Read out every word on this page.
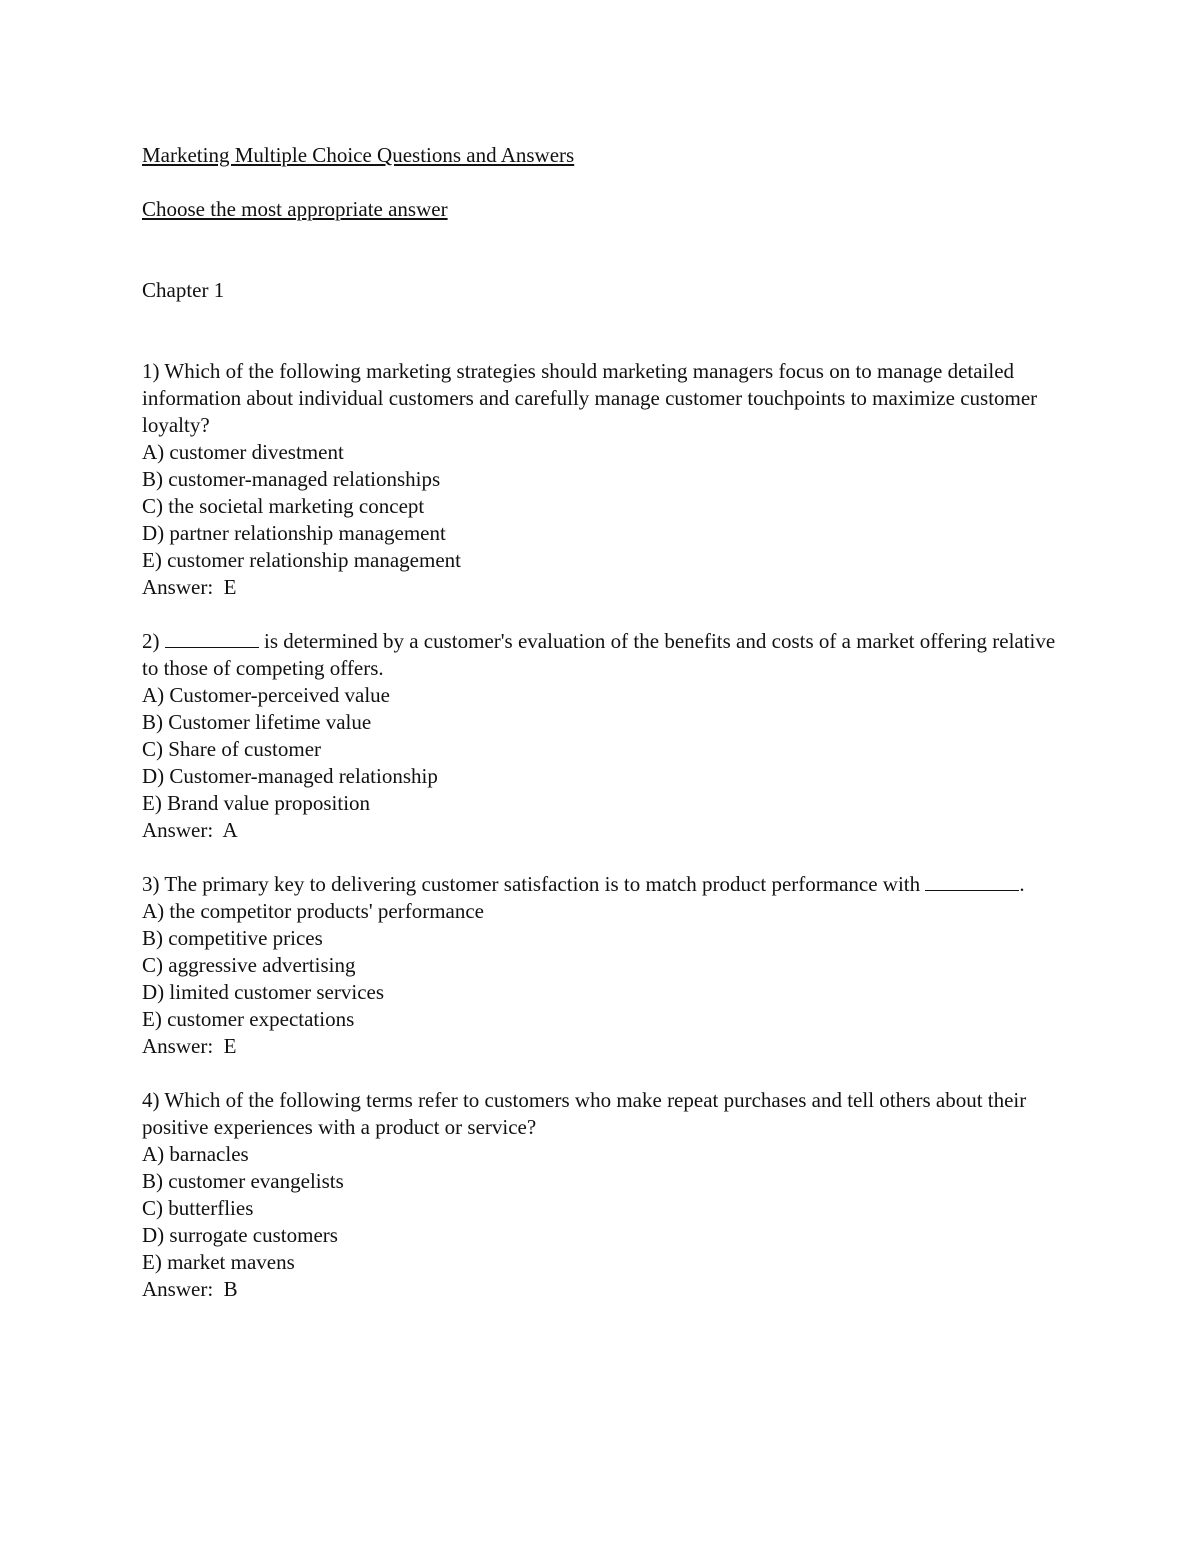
Marketing Multiple Choice Questions and Answers

Choose the most appropriate answer

Chapter 1

1) Which of the following marketing strategies should marketing managers focus on to manage detailed information about individual customers and carefully manage customer touchpoints to maximize customer loyalty?

A) customer divestment
B) customer-managed relationships
C) the societal marketing concept
D) partner relationship management
E) customer relationship management

Answer: E

2)	is determined by a customer's evaluation of the benefits and costs of a market offering relative to those of competing offers.

A) Customer-perceived value
B) Customer lifetime value
C) Share of customer
D) Customer-managed relationship
E) Brand value proposition

Answer: A

3) The primary key to delivering customer satisfaction is to match product performance with	.

A) the competitor products' performance
B) competitive prices
C) aggressive advertising
D) limited customer services
E) customer expectations

Answer: E

4) Which of the following terms refer to customers who make repeat purchases and tell others about their positive experiences with a product or service?

A) barnacles
B) customer evangelists
C) butterflies
D) surrogate customers
E) market mavens

Answer: B
